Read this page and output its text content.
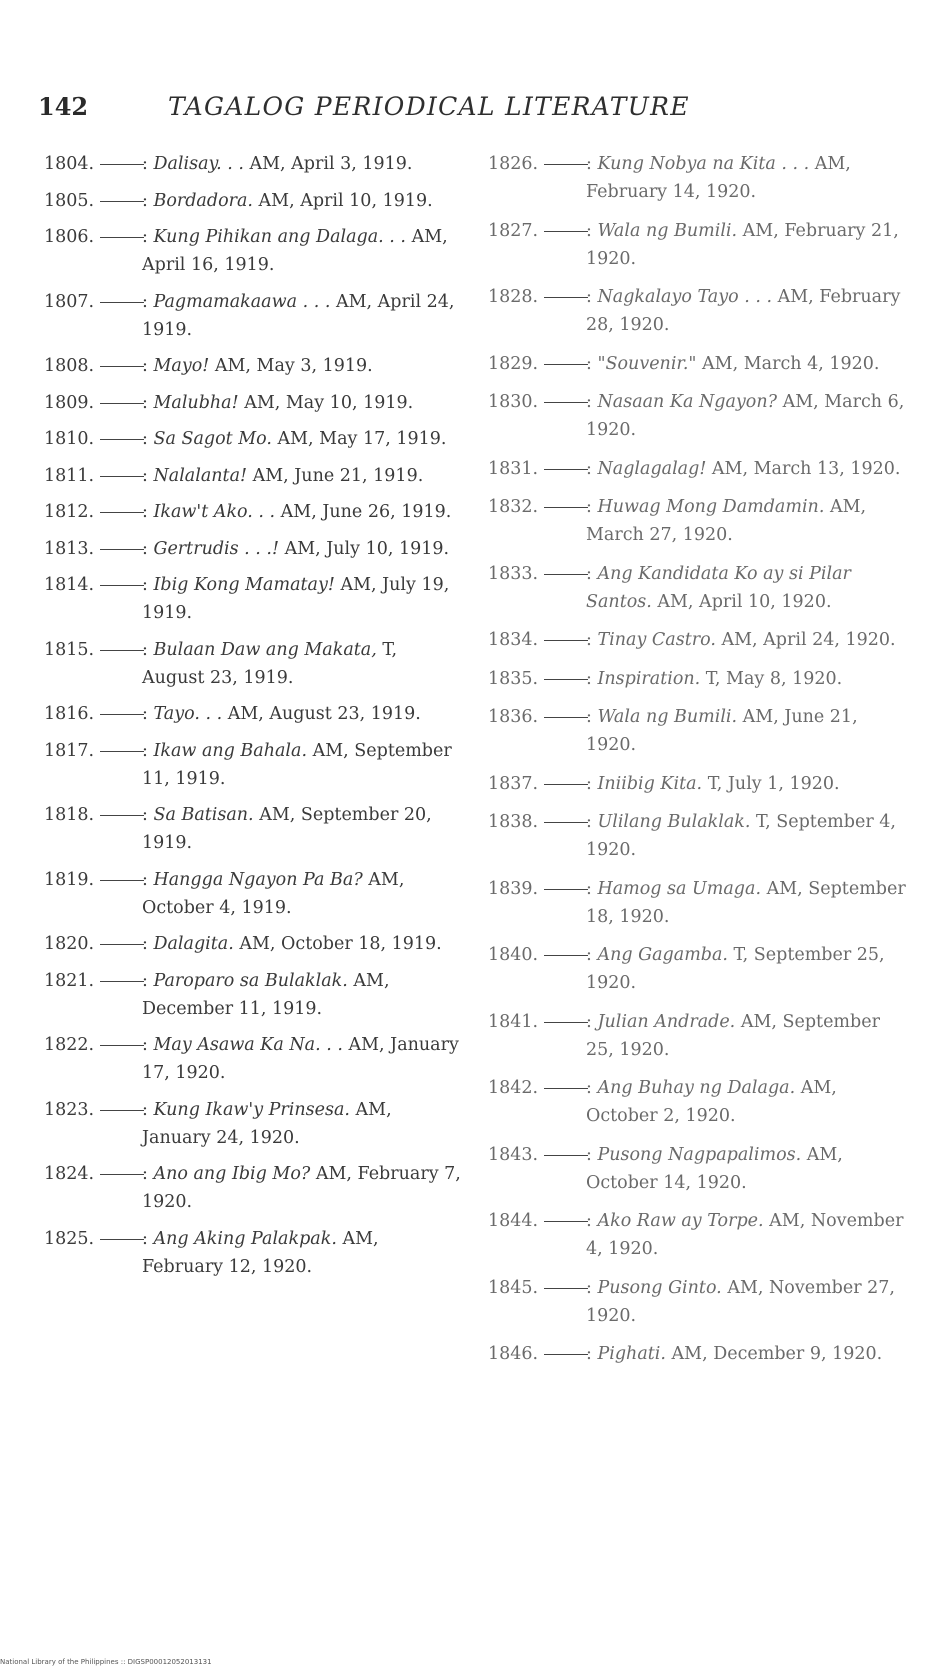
142	TAGALOG PERIODICAL LITERATURE
1804.	: Dalisay. . . AM, April 3, 1919.
1805.	: Bordadora. AM, April 10, 1919.
1806.	: Kung Pihikan ang Dalaga. . . AM, April 16, 1919.
1807.	: Pagmamakaawa . . . AM, April 24, 1919.
1808.	: Mayo! AM, May 3, 1919.
1809.	: Malubha! AM, May 10, 1919.
1810.	: Sa Sagot Mo. AM, May 17, 1919.
1811.	: Nalalanta! AM, June 21, 1919.
1812.	: Ikaw't Ako. . . AM, June 26, 1919.
1813.	: Gertrudis . . .! AM, July 10, 1919.
1814.	: Ibig Kong Mamatay! AM, July 19, 1919.
1815.	: Bulaan Daw ang Makata, T, August 23, 1919.
1816.	: Tayo. . . AM, August 23, 1919.
1817.	: Ikaw ang Bahala. AM, September 11, 1919.
1818.	: Sa Batisan. AM, September 20, 1919.
1819.	: Hangga Ngayon Pa Ba? AM, October 4, 1919.
1820.	: Dalagita. AM, October 18, 1919.
1821.	: Paroparo sa Bulaklak. AM, December 11, 1919.
1822.	: May Asawa Ka Na. . . AM, January 17, 1920.
1823.	: Kung Ikaw'y Prinsesa. AM, January 24, 1920.
1824.	: Ano ang Ibig Mo? AM, February 7, 1920.
1825.	: Ang Aking Palakpak. AM, February 12, 1920.
1826.	: Kung Nobya na Kita . . . AM, February 14, 1920.
1827.	: Wala ng Bumili. AM, February 21, 1920.
1828.	: Nagkalayo Tayo . . . AM, February 28, 1920.
1829.	: "Souvenir." AM, March 4, 1920.
1830.	: Nasaan Ka Ngayon? AM, March 6, 1920.
1831.	: Naglagalag! AM, March 13, 1920.
1832.	: Huwag Mong Damdamin. AM, March 27, 1920.
1833.	: Ang Kandidata Ko ay si Pilar Santos. AM, April 10, 1920.
1834.	: Tinay Castro. AM, April 24, 1920.
1835.	: Inspiration. T, May 8, 1920.
1836.	: Wala ng Bumili. AM, June 21, 1920.
1837.	: Iniibig Kita. T, July 1, 1920.
1838.	: Ulilang Bulaklak. T, September 4, 1920.
1839.	: Hamog sa Umaga. AM, September 18, 1920.
1840.	: Ang Gagamba. T, September 25, 1920.
1841.	: Julian Andrade. AM, September 25, 1920.
1842.	: Ang Buhay ng Dalaga. AM, October 2, 1920.
1843.	: Pusong Nagpapalimos. AM, October 14, 1920.
1844.	: Ako Raw ay Torpe. AM, November 4, 1920.
1845.	: Pusong Ginto. AM, November 27, 1920.
1846.	: Pighati. AM, December 9, 1920.
National Library of the Philippines :: DIGSP00012052013131
